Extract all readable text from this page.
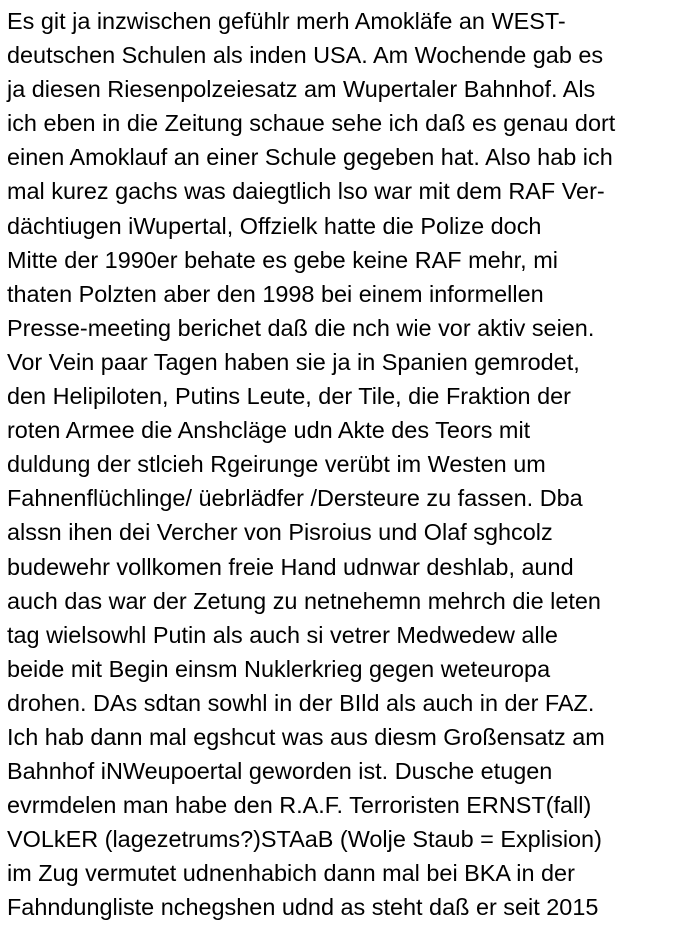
Es git ja inzwischen gefühlr merh Amokläfe an WEST-
deutschen Schulen als inden USA. Am Wochende gab es
ja diesen Riesenpolzeiesatz am Wupertaler Bahnhof. Als
ich eben in die Zeitung schaue sehe ich daß es genau dort
einen Amoklauf an einer Schule gegeben hat. Also hab ich
mal kurez gachs was daiegtlich lso war mit dem RAF Ver-
dächtiugen iWupertal, Offzielk hatte die Polize doch
Mitte der 1990er behate es gebe keine RAF mehr, mi
thaten Polzten aber den 1998 bei einem informellen
Presse-meeting berichet daß die nch wie vor aktiv seien.
Vor Vein paar Tagen haben sie ja in Spanien gemrodet,
den Helipiloten, Putins Leute, der Tile, die Fraktion der
roten Armee die Anshcläge udn Akte des Teors mit
duldung der stlcieh Rgeirunge verübt im Westen um
Fahnenflüchlinge/ üebrlädfer /Dersteure zu fassen. Dba
alssn ihen dei Vercher von Pisroius und Olaf sghcolz
budewehr vollkomen freie Hand udnwar deshlab, aund
auch das war der Zetung zu netnehemn mehrch die leten
tag wielsowhl Putin als auch si vetrer Medwedew alle
beide mit Begin einsm Nuklerkrieg gegen weteuropa
drohen. DAs sdtan sowhl in der BIld als auch in der FAZ.
Ich hab dann mal egshcut was aus diesm Großensatz am
Bahnhof iNWeupoertal geworden ist. Dusche etugen
evrmdelen man habe den R.A.F. Terroristen ERNST(fall)
VOLkER (lagezetrums?)STAaB (Wolje Staub = Explision)
im Zug vermutet udnenhabich dann mal bei BKA in der
Fahndungliste nchegshen udnd as steht daß er seit 2015
